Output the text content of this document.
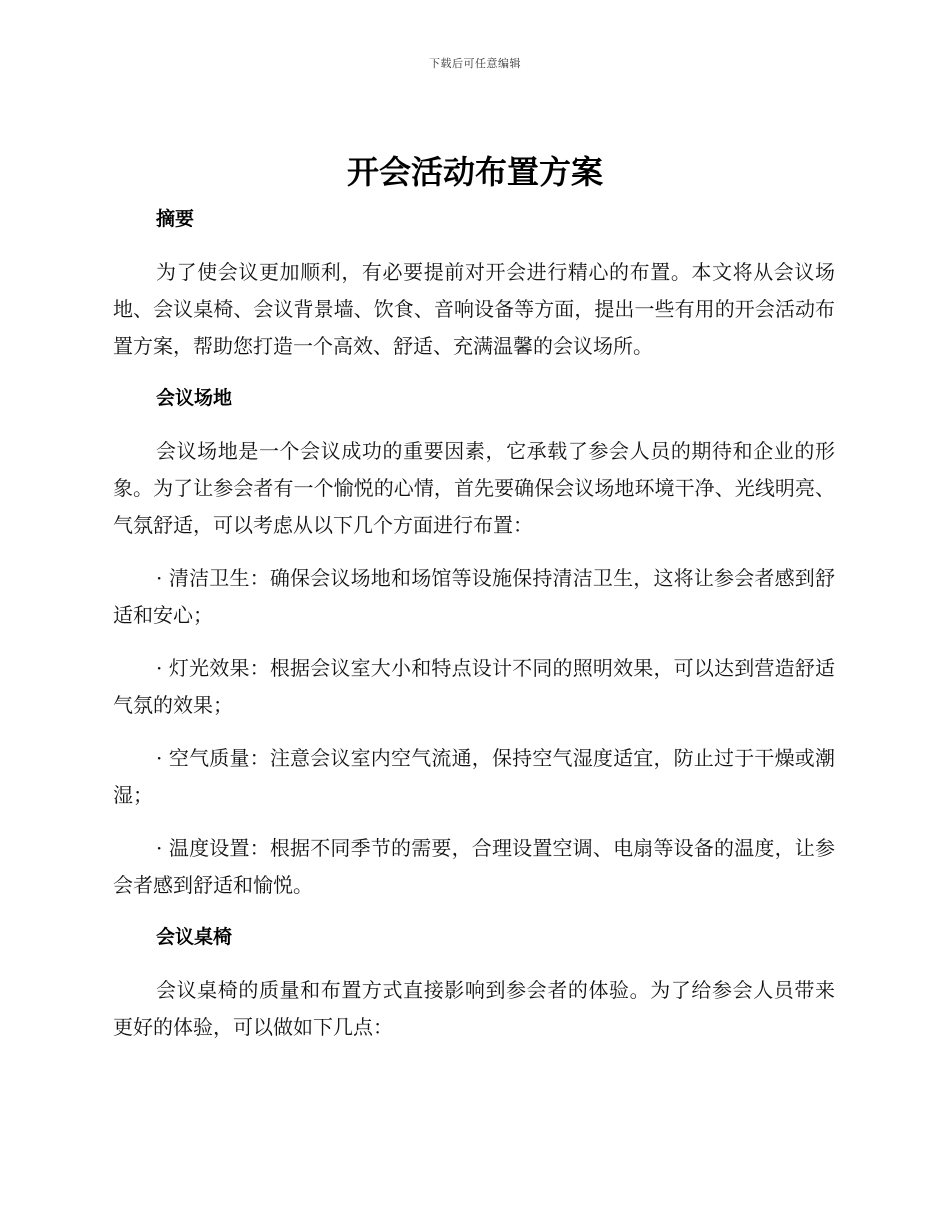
下载后可任意编辑
开会活动布置方案
摘要

为了使会议更加顺利，有必要提前对开会进行精心的布置。本文将从会议场地、会议桌椅、会议背景墙、饮食、音响设备等方面，提出一些有用的开会活动布置方案，帮助您打造一个高效、舒适、充满温馨的会议场所。

会议场地

会议场地是一个会议成功的重要因素，它承载了参会人员的期待和企业的形象。为了让参会者有一个愉悦的心情，首先要确保会议场地环境干净、光线明亮、气氛舒适，可以考虑从以下几个方面进行布置：

· 清洁卫生：确保会议场地和场馆等设施保持清洁卫生，这将让参会者感到舒适和安心；

· 灯光效果：根据会议室大小和特点设计不同的照明效果，可以达到营造舒适气氛的效果；

· 空气质量：注意会议室内空气流通，保持空气湿度适宜，防止过于干燥或潮湿；

· 温度设置：根据不同季节的需要，合理设置空调、电扇等设备的温度，让参会者感到舒适和愉悦。

会议桌椅

会议桌椅的质量和布置方式直接影响到参会者的体验。为了给参会人员带来更好的体验，可以做如下几点：
